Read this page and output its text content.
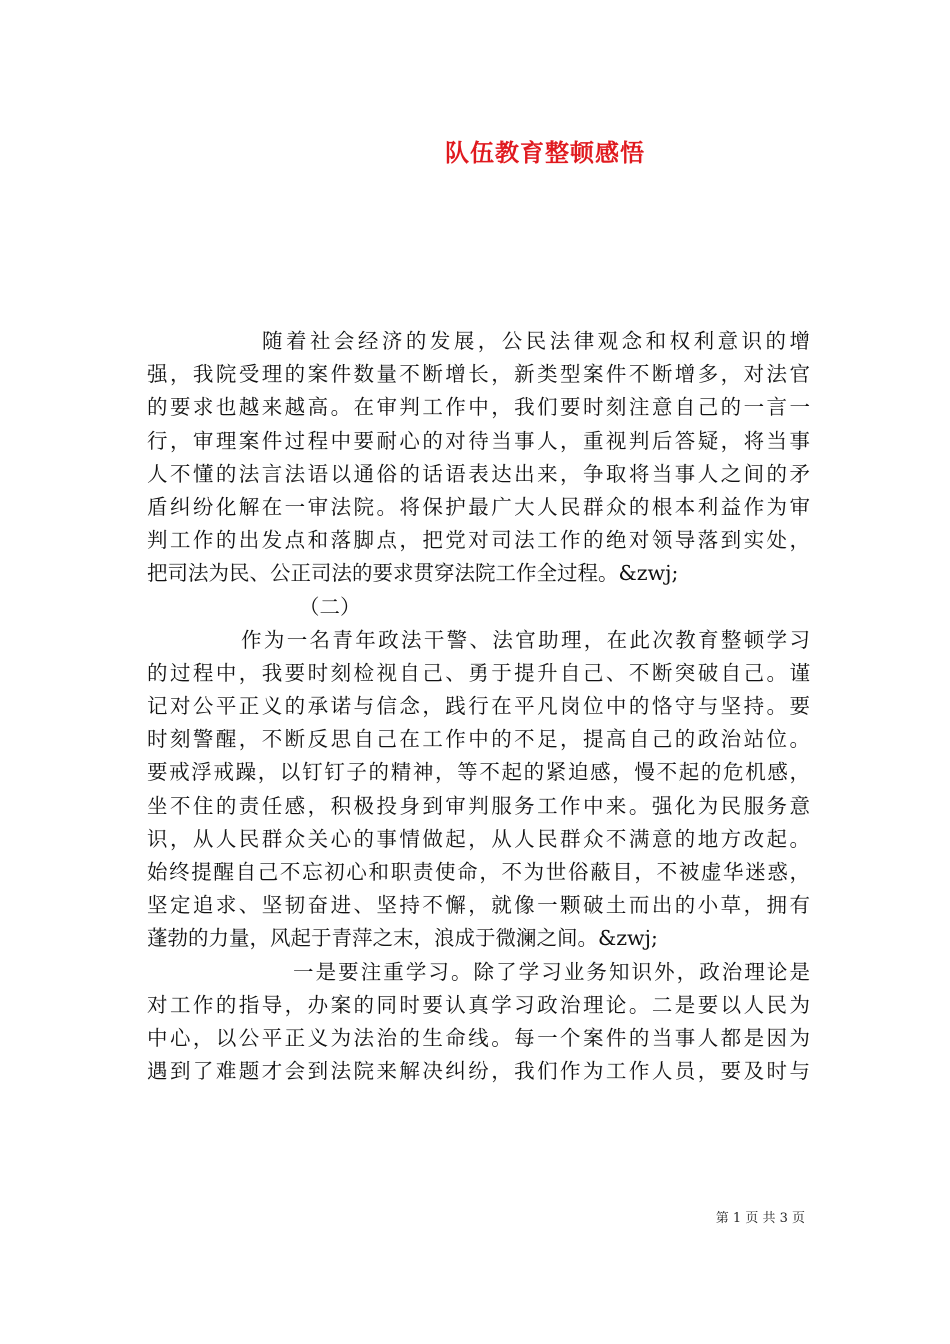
队伍教育整顿感悟
随着社会经济的发展，公民法律观念和权利意识的增
强，我院受理的案件数量不断增长，新类型案件不断增多，对法官
的要求也越来越高。在审判工作中，我们要时刻注意自己的一言一
行，审理案件过程中要耐心的对待当事人，重视判后答疑，将当事
人不懂的法言法语以通俗的话语表达出来，争取将当事人之间的矛
盾纠纷化解在一审法院。将保护最广大人民群众的根本利益作为审
判工作的出发点和落脚点，把党对司法工作的绝对领导落到实处，
把司法为民、公正司法的要求贯穿法院工作全过程。&zwj;
（二）
作为一名青年政法干警、法官助理，在此次教育整顿学习
的过程中，我要时刻检视自己、勇于提升自己、不断突破自己。谨
记对公平正义的承诺与信念，践行在平凡岗位中的恪守与坚持。要
时刻警醒，不断反思自己在工作中的不足，提高自己的政治站位。
要戒浮戒躁，以钉钉子的精神，等不起的紧迫感，慢不起的危机感，
坐不住的责任感，积极投身到审判服务工作中来。强化为民服务意
识，从人民群众关心的事情做起，从人民群众不满意的地方改起。
始终提醒自己不忘初心和职责使命，不为世俗蔽目，不被虚华迷惑，
坚定追求、坚韧奋进、坚持不懈，就像一颗破土而出的小草，拥有
蓬勃的力量，风起于青萍之末，浪成于微澜之间。&zwj;
一是要注重学习。除了学习业务知识外，政治理论是
对工作的指导，办案的同时要认真学习政治理论。二是要以人民为
中心，以公平正义为法治的生命线。每一个案件的当事人都是因为
遇到了难题才会到法院来解决纠纷，我们作为工作人员，要及时与
第 1 页 共 3 页
